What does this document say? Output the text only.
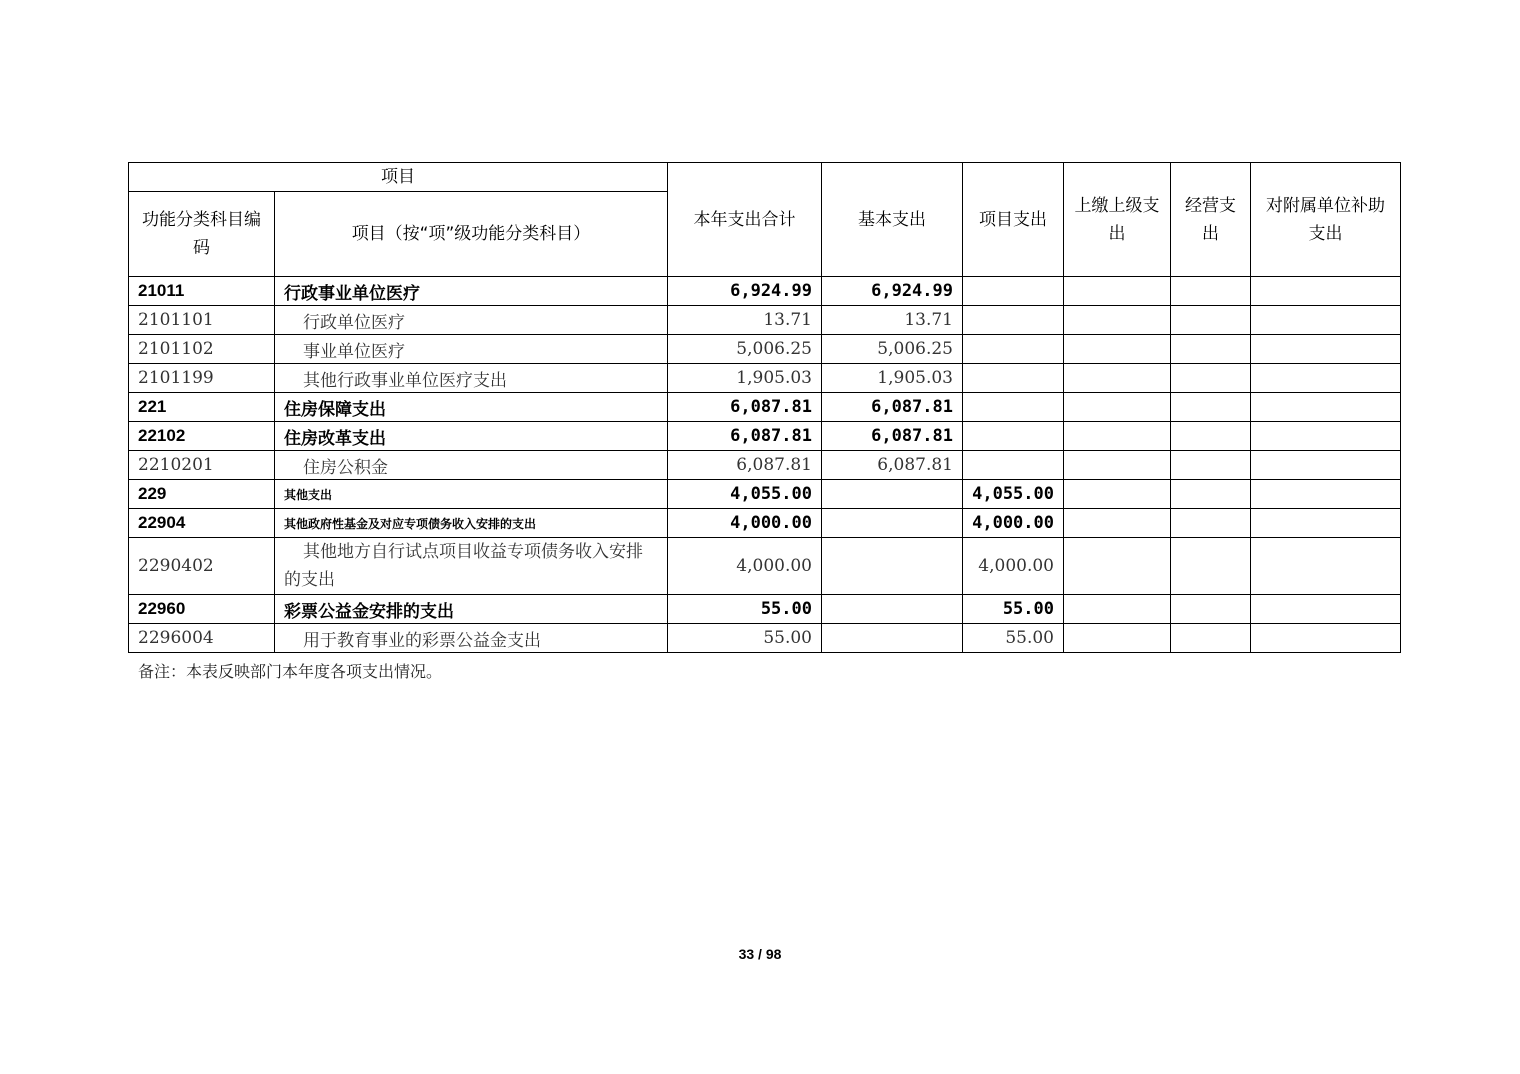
项目		本年支出合计	基本支出	项目支出	上缴上级支出	经营支出	对附属单位补助支出
功能分类科目编码	项目（按“项”级功能分类科目）						
21011	行政事业单位医疗	6,924.99	6,924.99				
2101101	行政单位医疗	13.71	13.71				
2101102	事业单位医疗	5,006.25	5,006.25				
2101199	其他行政事业单位医疗支出	1,905.03	1,905.03				
221	住房保障支出	6,087.81	6,087.81				
22102	住房改革支出	6,087.81	6,087.81				
2210201	住房公积金	6,087.81	6,087.81				
229	其他支出	4,055.00		4,055.00			
22904	其他政府性基金及对应专项债务收入安排的支出	4,000.00		4,000.00			
2290402	其他地方自行试点项目收益专项债务收入安排的支出	4,000.00		4,000.00			
22960	彩票公益金安排的支出	55.00		55.00			
2296004	用于教育事业的彩票公益金支出	55.00		55.00			
备注：本表反映部门本年度各项支出情况。
33 / 98
